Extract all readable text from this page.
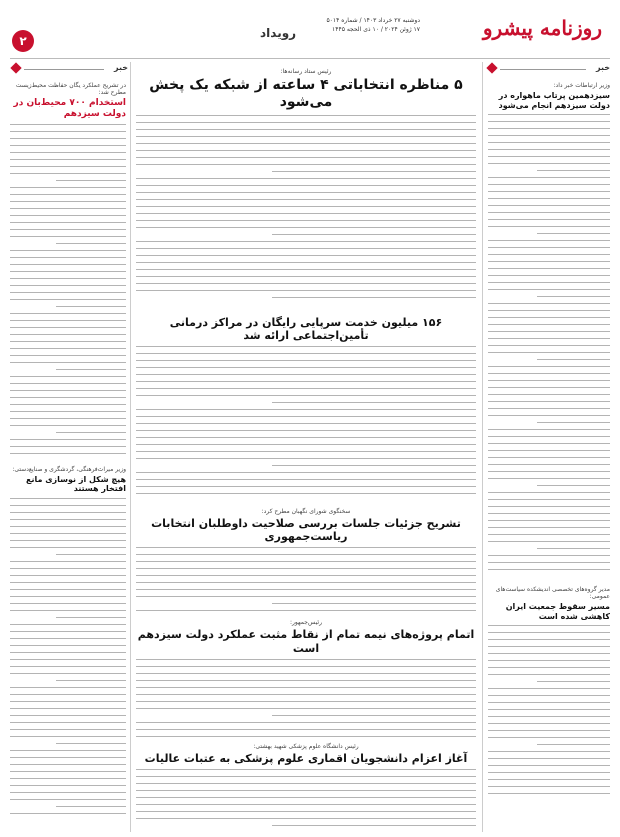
روزنامه پیشرو
دوشنبه ۲۷ خرداد ۱۴۰۳ / شماره ۵۰۱۴
۱۷ ژوئن ۲۰۲۴ / ۱۰ ذی الحجه ۱۴۴۵
رویداد
۲
خبر	خبر
در تشریح عملکرد یگان حفاظت محیط‌زیست مطرح شد:
استخدام ۷۰۰ محیط‌بان در دولت سیزدهم
وزیر میراث‌فرهنگی، گردشگری و صنایع‌دستی:
هیچ شکل از نوسازی مانع افتخار هستند
رئیس ستاد رسانه‌ها:
۵ مناظره انتخاباتی ۴ ساعته از شبکه یک پخش می‌شود
۱۵۶ میلیون خدمت سرپایی رایگان در مراکز درمانی تأمین‌اجتماعی ارائه شد
سخنگوی شورای نگهبان مطرح کرد:
تشریح جزئیات جلسات بررسی صلاحیت داوطلبان انتخابات ریاست‌جمهوری
رئیس‌جمهور:
اتمام پروژه‌های نیمه تمام از نقاط مثبت عملکرد دولت سیزدهم است
رئیس دانشگاه علوم پزشکی شهید بهشتی:
آغاز اعزام دانشجویان اقماری علوم پزشکی به عتبات عالیات
وزیر ارتباطات خبر داد:
سیزدهمین پرتاب ماهواره در دولت سیزدهم انجام می‌شود
مدیر گروه‌های تخصصی اندیشکده سیاست‌های عمومی:
مسیر سقوط جمعیت ایران کاهشی شده است
